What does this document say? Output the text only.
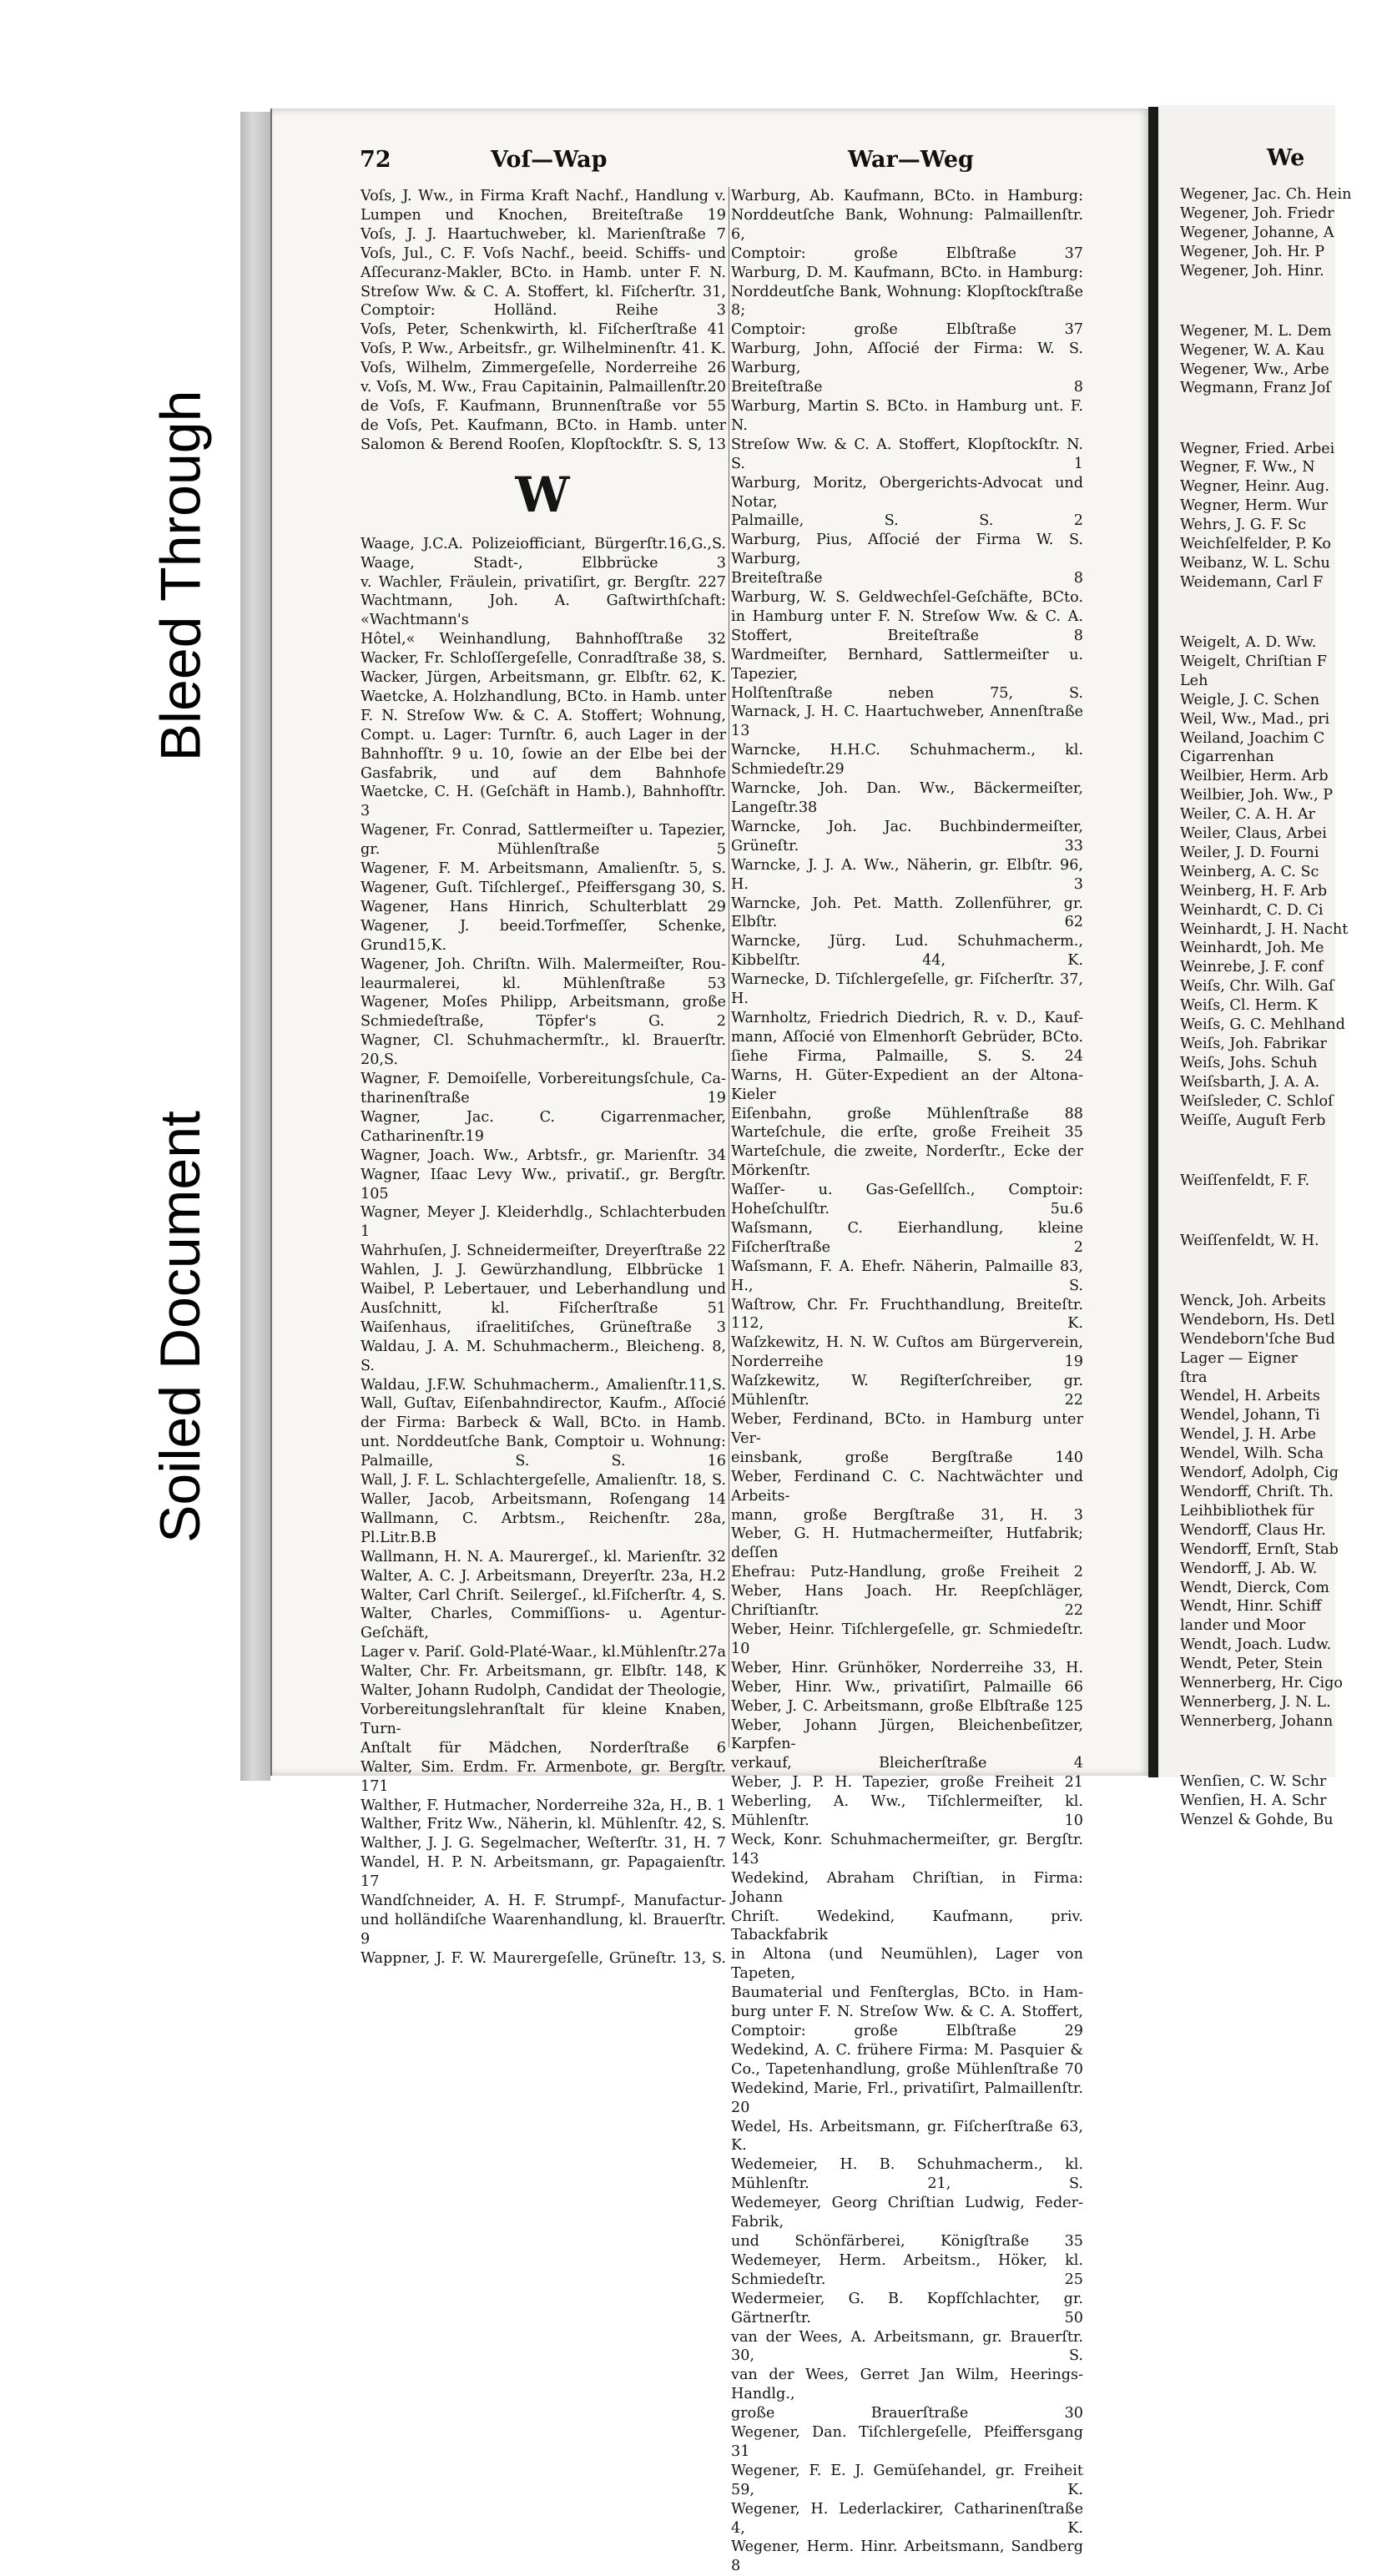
Bleed Through
Soiled Document
72	Voſ—Wap	War—Weg

Voſs, J. Ww., in Firma Kraft Nachf., Handlung v.
Lumpen und Knochen, Breiteſtraße 19

Voſs, J. J. Haartuchweber, kl. Marienſtraße 7

Voſs, Jul., C. F. Voſs Nachf., beeid. Schiffs- und
Aſſecuranz-Makler, BCto. in Hamb. unter F. N.
Streſow Ww. & C. A. Stoffert, kl. Fiſcherſtr. 31,
Comptoir: Holländ. Reihe 3

Voſs, Peter, Schenkwirth, kl. Fiſcherſtraße 41

Voſs, P. Ww., Arbeitsfr., gr. Wilhelminenſtr. 41. K.

Voſs, Wilhelm, Zimmergeſelle, Norderreihe 26

v. Voſs, M. Ww., Frau Capitainin, Palmaillenſtr.20

de Voſs, F. Kaufmann, Brunnenſtraße vor 55

de Voſs, Pet. Kaufmann, BCto. in Hamb. unter
Salomon & Berend Rooſen, Klopſtockſtr. S. S, 13

W

Waage, J.C.A. Polizeiofficiant, Bürgerſtr.16,G.,S.

Waage, Stadt-, Elbbrücke 3

v. Wachler, Fräulein, privatiſirt, gr. Bergſtr. 227

Wachtmann, Joh. A. Gaſtwirthſchaft: «Wachtmann's
Hôtel,« Weinhandlung, Bahnhofſtraße 32

Wacker, Fr. Schloſſergeſelle, Conradſtraße 38, S.

Wacker, Jürgen, Arbeitsmann, gr. Elbſtr. 62, K.

Waetcke, A. Holzhandlung, BCto. in Hamb. unter
F. N. Streſow Ww. & C. A. Stoffert; Wohnung,
Compt. u. Lager: Turnſtr. 6, auch Lager in der
Bahnhofſtr. 9 u. 10, ſowie an der Elbe bei der
Gasfabrik, und auf dem Bahnhofe

Waetcke, C. H. (Geſchäft in Hamb.), Bahnhofſtr. 3

Wagener, Fr. Conrad, Sattlermeiſter u. Tapezier,
gr. Mühlenſtraße 5

Wagener, F. M. Arbeitsmann, Amalienſtr. 5, S.

Wagener, Guſt. Tiſchlergeſ., Pfeiffersgang 30, S.

Wagener, Hans Hinrich, Schulterblatt 29

Wagener, J. beeid.Torfmeſſer, Schenke, Grund15,K.

Wagener, Joh. Chriſtn. Wilh. Malermeiſter, Rou-
leaurmalerei, kl. Mühlenſtraße 53

Wagener, Moſes Philipp, Arbeitsmann, große
Schmiedeſtraße, Töpfer's G. 2

Wagner, Cl. Schuhmachermſtr., kl. Brauerſtr. 20,S.

Wagner, F. Demoiſelle, Vorbereitungsſchule, Ca-
tharinenſtraße 19

Wagner, Jac. C. Cigarrenmacher, Catharinenſtr.19

Wagner, Joach. Ww., Arbtsfr., gr. Marienſtr. 34

Wagner, Iſaac Levy Ww., privatiſ., gr. Bergſtr. 105

Wagner, Meyer J. Kleiderhdlg., Schlachterbuden 1

Wahrhuſen, J. Schneidermeiſter, Dreyerſtraße 22

Wahlen, J. J. Gewürzhandlung, Elbbrücke 1

Waibel, P. Lebertauer, und Leberhandlung und
Ausſchnitt, kl. Fiſcherſtraße 51

Waiſenhaus, iſraelitiſches, Grüneſtraße 3

Waldau, J. A. M. Schuhmacherm., Bleicheng. 8, S.

Waldau, J.F.W. Schuhmacherm., Amalienſtr.11,S.

Wall, Guſtav, Eiſenbahndirector, Kaufm., Aſſocié
der Firma: Barbeck & Wall, BCto. in Hamb.
unt. Norddeutſche Bank, Comptoir u. Wohnung:
Palmaille, S. S. 16

Wall, J. F. L. Schlachtergeſelle, Amalienſtr. 18, S.

Waller, Jacob, Arbeitsmann, Roſengang 14

Wallmann, C. Arbtsm., Reichenſtr. 28a, Pl.Litr.B.B

Wallmann, H. N. A. Maurergeſ., kl. Marienſtr. 32

Walter, A. C. J. Arbeitsmann, Dreyerſtr. 23a, H.2

Walter, Carl Chriſt. Seilergeſ., kl.Fiſcherſtr. 4, S.

Walter, Charles, Commiſſions- u. Agentur-Geſchäft,
Lager v. Pariſ. Gold-Platé-Waar., kl.Mühlenſtr.27a

Walter, Chr. Fr. Arbeitsmann, gr. Elbſtr. 148, K

Walter, Johann Rudolph, Candidat der Theologie,
Vorbereitungslehranſtalt für kleine Knaben, Turn-
Anſtalt für Mädchen, Norderſtraße 6

Walter, Sim. Erdm. Fr. Armenbote, gr. Bergſtr. 171

Walther, F. Hutmacher, Norderreihe 32a, H., B. 1

Walther, Fritz Ww., Näherin, kl. Mühlenſtr. 42, S.

Walther, J. J. G. Segelmacher, Weſterſtr. 31, H. 7

Wandel, H. P. N. Arbeitsmann, gr. Papagaienſtr. 17

Wandſchneider, A. H. F. Strumpf-, Manufactur-
und holländiſche Waarenhandlung, kl. Brauerſtr. 9

Wappner, J. F. W. Maurergeſelle, Grüneſtr. 13, S.

Warburg, Ab. Kaufmann, BCto. in Hamburg:
Norddeutſche Bank, Wohnung: Palmaillenſtr. 6,
Comptoir: große Elbſtraße 37

Warburg, D. M. Kaufmann, BCto. in Hamburg:
Norddeutſche Bank, Wohnung: Klopſtockſtraße 8;
Comptoir: große Elbſtraße 37

Warburg, John, Aſſocié der Firma: W. S. Warburg,
Breiteſtraße 8

Warburg, Martin S. BCto. in Hamburg unt. F. N.
Streſow Ww. & C. A. Stoffert, Klopſtockſtr. N. S. 1

Warburg, Moritz, Obergerichts-Advocat und Notar,
Palmaille, S. S. 2

Warburg, Pius, Aſſocié der Firma W. S. Warburg,
Breiteſtraße 8

Warburg, W. S. Geldwechſel-Geſchäfte, BCto.
in Hamburg unter F. N. Streſow Ww. & C. A.
Stoffert, Breiteſtraße 8

Wardmeiſter, Bernhard, Sattlermeiſter u. Tapezier,
Holſtenſtraße neben 75, S.

Warnack, J. H. C. Haartuchweber, Annenſtraße 13

Warncke, H.H.C. Schuhmacherm., kl. Schmiedeſtr.29

Warncke, Joh. Dan. Ww., Bäckermeiſter, Langeſtr.38

Warncke, Joh. Jac. Buchbindermeiſter, Grüneſtr. 33

Warncke, J. J. A. Ww., Näherin, gr. Elbſtr. 96, H. 3

Warncke, Joh. Pet. Matth. Zollenführer, gr. Elbſtr. 62

Warncke, Jürg. Lud. Schuhmacherm., Kibbelſtr. 44, K.

Warnecke, D. Tiſchlergeſelle, gr. Fiſcherſtr. 37, H.

Warnholtz, Friedrich Diedrich, R. v. D., Kauf-
mann, Aſſocié von Elmenhorſt Gebrüder, BCto.
ſiehe Firma, Palmaille, S. S. 24

Warns, H. Güter-Expedient an der Altona-Kieler
Eiſenbahn, große Mühlenſtraße 88

Warteſchule, die erſte, große Freiheit 35

Warteſchule, die zweite, Norderſtr., Ecke der Mörkenſtr.

Waſſer- u. Gas-Geſellſch., Comptoir: Hoheſchulſtr. 5u.6

Waſsmann, C. Eierhandlung, kleine Fiſcherſtraße 2

Waſsmann, F. A. Ehefr. Näherin, Palmaille 83, H., S.

Waſtrow, Chr. Fr. Fruchthandlung, Breiteſtr. 112, K.

Waſzkewitz, H. N. W. Cuſtos am Bürgerverein,
Norderreihe 19

Waſzkewitz, W. Regiſterſchreiber, gr. Mühlenſtr. 22

Weber, Ferdinand, BCto. in Hamburg unter Ver-
einsbank, große Bergſtraße 140

Weber, Ferdinand C. C. Nachtwächter und Arbeits-
mann, große Bergſtraße 31, H. 3

Weber, G. H. Hutmachermeiſter, Hutfabrik; deſſen
Ehefrau: Putz-Handlung, große Freiheit 2

Weber, Hans Joach. Hr. Reepſchläger, Chriſtianſtr. 22

Weber, Heinr. Tiſchlergeſelle, gr. Schmiedeſtr. 10

Weber, Hinr. Grünhöker, Norderreihe 33, H.

Weber, Hinr. Ww., privatiſirt, Palmaille 66

Weber, J. C. Arbeitsmann, große Elbſtraße 125

Weber, Johann Jürgen, Bleichenbeſitzer, Karpfen-
verkauf, Bleicherſtraße 4

Weber, J. P. H. Tapezier, große Freiheit 21

Weberling, A. Ww., Tiſchlermeiſter, kl. Mühlenſtr. 10

Weck, Konr. Schuhmachermeiſter, gr. Bergſtr. 143

Wedekind, Abraham Chriſtian, in Firma: Johann
Chriſt. Wedekind, Kaufmann, priv. Tabackfabrik
in Altona (und Neumühlen), Lager von Tapeten,
Baumaterial und Fenſterglas, BCto. in Ham-
burg unter F. N. Streſow Ww. & C. A. Stoffert,
Comptoir: große Elbſtraße 29

Wedekind, A. C. frühere Firma: M. Pasquier &
Co., Tapetenhandlung, große Mühlenſtraße 70

Wedekind, Marie, Frl., privatiſirt, Palmaillenſtr. 20

Wedel, Hs. Arbeitsmann, gr. Fiſcherſtraße 63, K.

Wedemeier, H. B. Schuhmacherm., kl. Mühlenſtr. 21, S.

Wedemeyer, Georg Chriſtian Ludwig, Feder-Fabrik,
und Schönfärberei, Königſtraße 35

Wedemeyer, Herm. Arbeitsm., Höker, kl. Schmiedeſtr. 25

Wedermeier, G. B. Kopfſchlachter, gr. Gärtnerſtr. 50

van der Wees, A. Arbeitsmann, gr. Brauerſtr. 30, S.

van der Wees, Gerret Jan Wilm, Heerings-Handlg.,
große Brauerſtraße 30

Wegener, Dan. Tiſchlergeſelle, Pfeiffersgang 31

Wegener, F. E. J. Gemüſehandel, gr. Freiheit 59, K.

Wegener, H. Lederlackirer, Catharinenſtraße 4, K.

Wegener, Herm. Hinr. Arbeitsmann, Sandberg 8

We

Wegener, Jac. Ch. Hein

Wegener, Joh. Friedr

Wegener, Johanne, A

Wegener, Joh. Hr. P

Wegener, Joh. Hinr.

Wegener, M. L. Dem

Wegener, W. A. Kau

Wegener, Ww., Arbe

Wegmann, Franz Joſ

Wegner, Fried. Arbei

Wegner, F. Ww., N

Wegner, Heinr. Aug.

Wegner, Herm. Wur

Wehrs, J. G. F. Sc

Weichſelfelder, P. Ko

Weibanz, W. L. Schu

Weidemann, Carl F

Weigelt, A. D. Ww.

Weigelt, Chriſtian F

Leh

Weigle, J. C. Schen

Weil, Ww., Mad., pri

Weiland, Joachim C

Cigarrenhan

Weilbier, Herm. Arb

Weilbier, Joh. Ww., P

Weiler, C. A. H. Ar

Weiler, Claus, Arbei

Weiler, J. D. Fourni

Weinberg, A. C. Sc

Weinberg, H. F. Arb

Weinhardt, C. D. Ci

Weinhardt, J. H. Nacht

Weinhardt, Joh. Me

Weinrebe, J. F. conf

Weiſs, Chr. Wilh. Gaſ

Weiſs, Cl. Herm. K

Weiſs, G. C. Mehlhand

Weiſs, Joh. Fabrikar

Weiſs, Johs. Schuh

Weiſsbarth, J. A. A.

Weiſsleder, C. Schloſ

Weiſſe, Auguſt Ferb

Weiſſenfeldt, F. F.

Weiſſenfeldt, W. H.

Wenck, Joh. Arbeits

Wendeborn, Hs. Detl

Wendeborn'ſche Bud

Lager — Eigner

ſtra

Wendel, H. Arbeits

Wendel, Johann, Ti

Wendel, J. H. Arbe

Wendel, Wilh. Scha

Wendorf, Adolph, Cig

Wendorff, Chriſt. Th.

Leihbibliothek für

Wendorff, Claus Hr.

Wendorff, Ernſt, Stab

Wendorff, J. Ab. W.

Wendt, Dierck, Com

Wendt, Hinr. Schiff

lander und Moor

Wendt, Joach. Ludw.

Wendt, Peter, Stein

Wennerberg, Hr. Cigo

Wennerberg, J. N. L.

Wennerberg, Johann

Wenſien, C. W. Schr

Wenſien, H. A. Schr

Wenzel & Gohde, Bu
